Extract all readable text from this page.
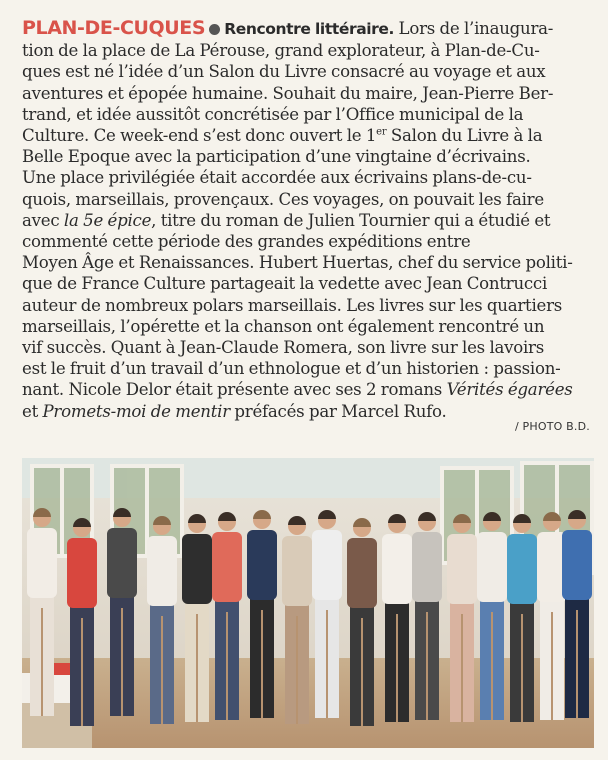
PLAN-DE-CUQUES Rencontre littéraire. Lors de l’inaugura-
tion de la place de La Pérouse, grand explorateur, à Plan-de-Cu-
ques est né l’idée d’un Salon du Livre consacré au voyage et aux
aventures et épopée humaine. Souhait du maire, Jean-Pierre Ber-
trand, et idée aussitôt concrétisée par l’Office municipal de la
Culture. Ce week-end s’est donc ouvert le 1er Salon du Livre à la
Belle Epoque avec la participation d’une vingtaine d’écrivains.
Une place privilégiée était accordée aux écrivains plans-de-cu-
quois, marseillais, provençaux. Ces voyages, on pouvait les faire
avec la 5e épice, titre du roman de Julien Tournier qui a étudié et
commenté cette période des grandes expéditions entre
Moyen Âge et Renaissances. Hubert Huertas, chef du service politi-
que de France Culture partageait la vedette avec Jean Contrucci
auteur de nombreux polars marseillais. Les livres sur les quartiers
marseillais, l’opérette et la chanson ont également rencontré un
vif succès. Quant à Jean-Claude Romera, son livre sur les lavoirs
est le fruit d’un travail d’un ethnologue et d’un historien : passion-
nant. Nicole Delor était présente avec ses 2 romans Vérités égarées
et Promets-moi de mentir préfacés par Marcel Rufo.
/ PHOTO B.D.
